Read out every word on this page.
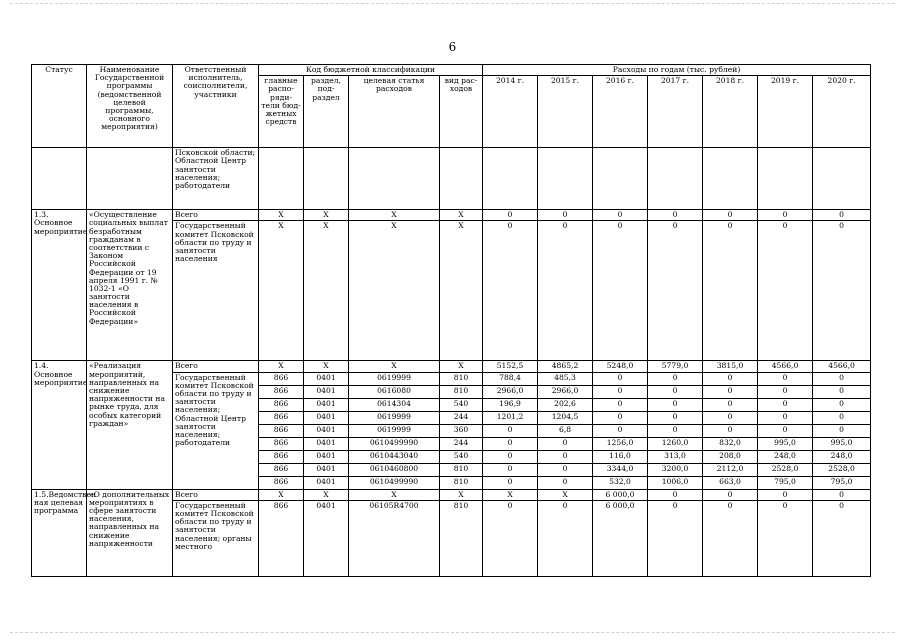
6
Статус	Наименование Государственной программы (ведомственной целевой программы, основного мероприятия)	Ответственный исполнитель, соисполнители, участники	Код бюджетной классификации				Расходы по годам (тыс. рублей)						
			главные распо- ряди- тели бюд- жетных средств	раздел, под- раздел	целевая статья расходов	вид рас- ходов	2014 г.	2015 г.	2016 г.	2017 г.	2018 г.	2019 г.	2020 г.
		Псковской области; Областной Центр занятости населения; работодатели											
1.3. Основное мероприятие	«Осуществление социальных выплат безработным гражданам в соответствии с Законом Российской Федерации от 19 апреля 1991 г. № 1032-1 «О занятости населения в Российской Федерации»	Всего	X	X	X	X	0	0	0	0	0	0	0
		Государственный комитет Псковской области по труду и занятости населения	X	X	X	X	0	0	0	0	0	0	0
1.4. Основное мероприятие	«Реализация мероприятий, направленных на снижение напряженности на рынке труда, для особых категорий граждан»	Всего	X	X	X	X	5152,5	4865,2	5248,0	5779,0	3815,0	4566,0	4566,0
		Государственный комитет Псковской области по труду и занятости населения; Областной Центр занятости населения; работодатели	866	0401	0619999	810	788,4	485,3	0	0	0	0	0
			866	0401	0616080	810	2966,0	2966,0	0	0	0	0	0
			866	0401	0614304	540	196,9	202,6	0	0	0	0	0
			866	0401	0619999	244	1201,2	1204,5	0	0	0	0	0
			866	0401	0619999	360	0	6,8	0	0	0	0	0
			866	0401	0610499990	244	0	0	1256,0	1260,0	832,0	995,0	995,0
			866	0401	0610443040	540	0	0	116,0	313,0	208,0	248,0	248,0
			866	0401	0610460800	810	0	0	3344,0	3200,0	2112,0	2528,0	2528,0
			866	0401	0610499990	810	0	0	532,0	1006,0	663,0	795,0	795,0
1.5.Ведомствен ная целевая программа	«О дополнительных мероприятиях в сфере занятости населения, направленных на снижение напряженности	Всего	X	X	X	X	X	X	6 000,0	0	0	0	0
		Государственный комитет Псковской области по труду и занятости населения; органы местного	866	0401	06105R4700	810	0	0	6 000,0	0	0	0	0
